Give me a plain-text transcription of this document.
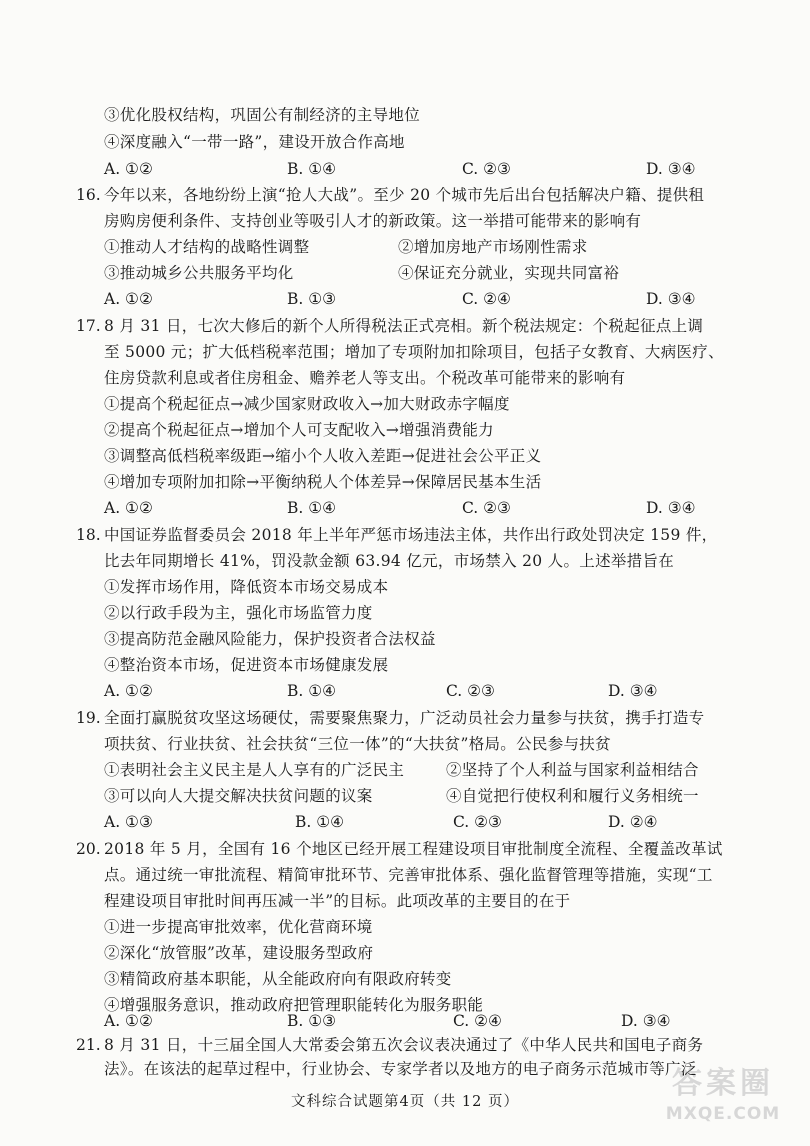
③优化股权结构，巩固公有制经济的主导地位
④深度融入“一带一路”，建设开放合作高地
A. ①②	B. ①④	C. ②③	D. ③④
16. 今年以来，各地纷纷上演“抢人大战”。至少 20 个城市先后出台包括解决户籍、提供租
房购房便利条件、支持创业等吸引人才的新政策。这一举措可能带来的影响有
①推动人才结构的战略性调整	②增加房地产市场刚性需求
③推动城乡公共服务平均化	④保证充分就业，实现共同富裕
A. ①②	B. ①③	C. ②④	D. ③④
17. 8 月 31 日，七次大修后的新个人所得税法正式亮相。新个税法规定：个税起征点上调
至 5000 元；扩大低档税率范围；增加了专项附加扣除项目，包括子女教育、大病医疗、
住房贷款利息或者住房租金、赡养老人等支出。个税改革可能带来的影响有
①提高个税起征点→减少国家财政收入→加大财政赤字幅度
②提高个税起征点→增加个人可支配收入→增强消费能力
③调整高低档税率级距→缩小个人收入差距→促进社会公平正义
④增加专项附加扣除→平衡纳税人个体差异→保障居民基本生活
A. ①②	B. ①④	C. ②③	D. ③④
18. 中国证券监督委员会 2018 年上半年严惩市场违法主体，共作出行政处罚决定 159 件，
比去年同期增长 41%，罚没款金额 63.94 亿元，市场禁入 20 人。上述举措旨在
①发挥市场作用，降低资本市场交易成本
②以行政手段为主，强化市场监管力度
③提高防范金融风险能力，保护投资者合法权益
④整治资本市场，促进资本市场健康发展
A. ①②	B. ①④	C. ②③	D. ③④
19. 全面打赢脱贫攻坚这场硬仗，需要聚焦聚力，广泛动员社会力量参与扶贫，携手打造专
项扶贫、行业扶贫、社会扶贫“三位一体”的“大扶贫”格局。公民参与扶贫
①表明社会主义民主是人人享有的广泛民主	②坚持了个人利益与国家利益相结合
③可以向人大提交解决扶贫问题的议案	④自觉把行使权利和履行义务相统一
A. ①③	B. ①④	C. ②③	D. ②④
20. 2018 年 5 月，全国有 16 个地区已经开展工程建设项目审批制度全流程、全覆盖改革试
点。通过统一审批流程、精简审批环节、完善审批体系、强化监督管理等措施，实现“工
程建设项目审批时间再压减一半”的目标。此项改革的主要目的在于
①进一步提高审批效率，优化营商环境
②深化“放管服”改革，建设服务型政府
③精简政府基本职能，从全能政府向有限政府转变
④增强服务意识，推动政府把管理职能转化为服务职能
A. ①②	B. ①③	C. ②④	D. ③④
21. 8 月 31 日，十三届全国人大常委会第五次会议表决通过了《中华人民共和国电子商务
文科综合试题第4页（共 12 页）
答案圈
MXQE.COM
法》。在该法的起草过程中，行业协会、专家学者以及地方的电子商务示范城市等广泛
